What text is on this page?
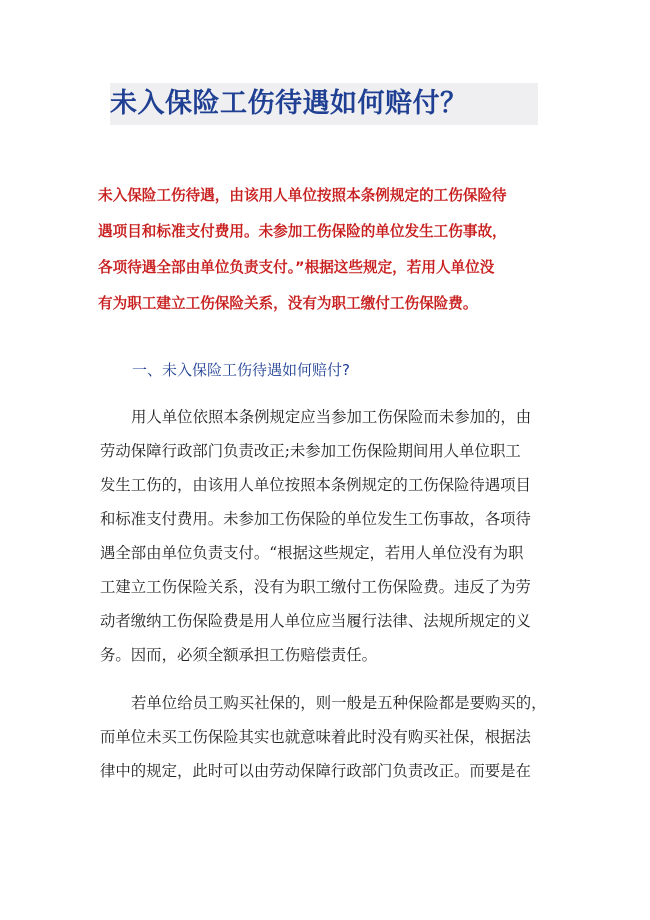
未入保险工伤待遇如何赔付？
未入保险工伤待遇，由该用人单位按照本条例规定的工伤保险待
遇项目和标准支付费用。未参加工伤保险的单位发生工伤事故，
各项待遇全部由单位负责支付。”根据这些规定，若用人单位没
有为职工建立工伤保险关系，没有为职工缴付工伤保险费。
一、未入保险工伤待遇如何赔付?
用人单位依照本条例规定应当参加工伤保险而未参加的，由
劳动保障行政部门负责改正;未参加工伤保险期间用人单位职工
发生工伤的，由该用人单位按照本条例规定的工伤保险待遇项目
和标准支付费用。未参加工伤保险的单位发生工伤事故，各项待
遇全部由单位负责支付。“根据这些规定，若用人单位没有为职
工建立工伤保险关系，没有为职工缴付工伤保险费。违反了为劳
动者缴纳工伤保险费是用人单位应当履行法律、法规所规定的义
务。因而，必须全额承担工伤赔偿责任。
若单位给员工购买社保的，则一般是五种保险都是要购买的，
而单位未买工伤保险其实也就意味着此时没有购买社保，根据法
律中的规定，此时可以由劳动保障行政部门负责改正。而要是在
